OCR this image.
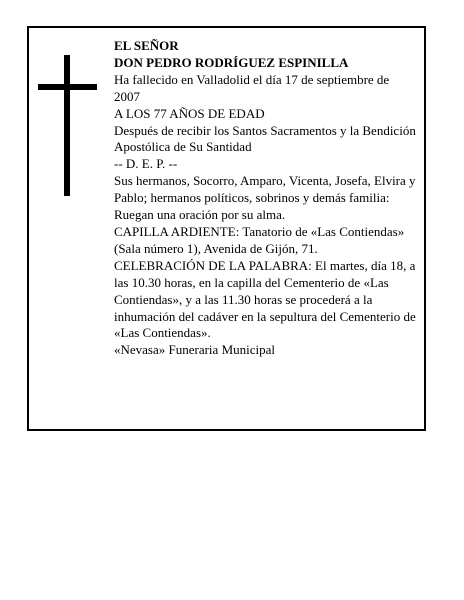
EL SEÑOR

DON PEDRO RODRÍGUEZ ESPINILLA

Ha fallecido en Valladolid el día 17 de septiembre de 2007

A LOS 77 AÑOS DE EDAD

Después de recibir los Santos Sacramentos y la Bendición Apostólica de Su Santidad

-- D. E. P. --

Sus hermanos, Socorro, Amparo, Vicenta, Josefa, Elvira y Pablo; hermanos políticos, sobrinos y demás familia:

Ruegan una oración por su alma.

CAPILLA ARDIENTE: Tanatorio de «Las Contiendas» (Sala número 1), Avenida de Gijón, 71.

CELEBRACIÓN DE LA PALABRA: El martes, día 18, a las 10.30 horas, en la capilla del Cementerio de «Las Contiendas», y a las 11.30 horas se procederá a la inhumación del cadáver en la sepultura del Cementerio de «Las Contiendas».

«Nevasa» Funeraria Municipal
